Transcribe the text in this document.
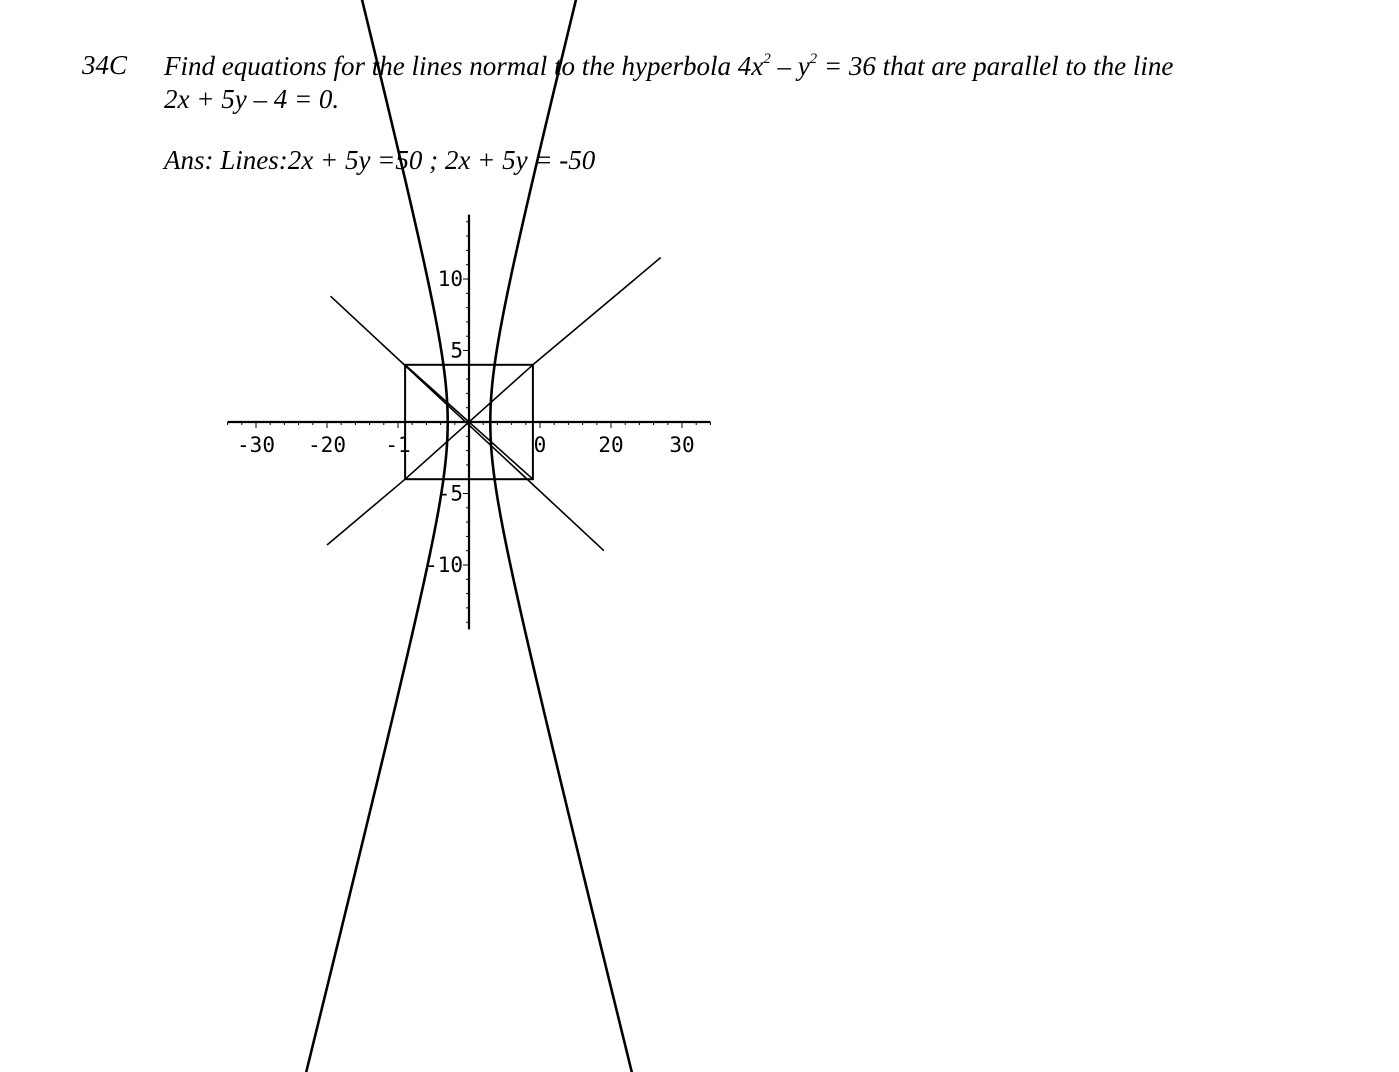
34C Find equations for the lines normal to the hyperbola $4x^2 - y^2 = 36$ that are parallel to the line
2x + 5y – 4 = 0.
Ans: Lines:2x + 5y =50 ; 2x + 5y = -50
-30 -20 -1	0 20 30
10
5
-5
-10
